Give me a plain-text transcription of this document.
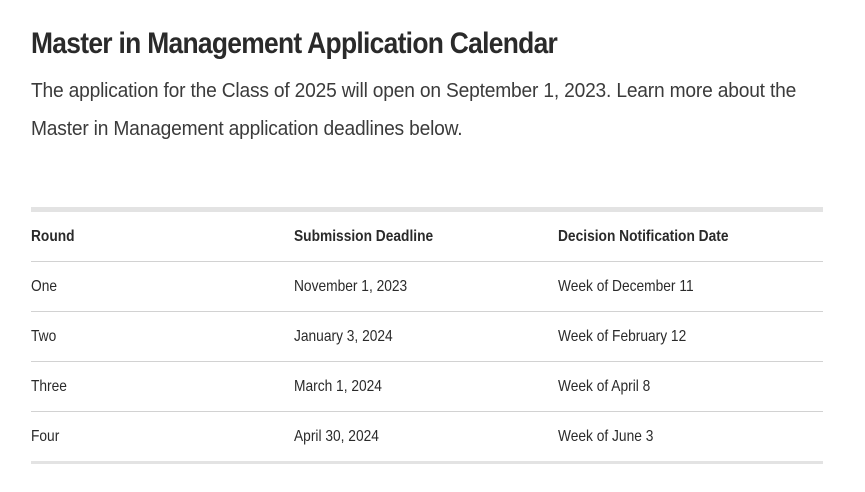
Master in Management Application Calendar

The application for the Class of 2025 will open on September 1, 2023. Learn more about the Master in Management application deadlines below.

Round	Submission Deadline	Decision Notification Date
One	November 1, 2023	Week of December 11
Two	January 3, 2024	Week of February 12
Three	March 1, 2024	Week of April 8
Four	April 30, 2024	Week of June 3
